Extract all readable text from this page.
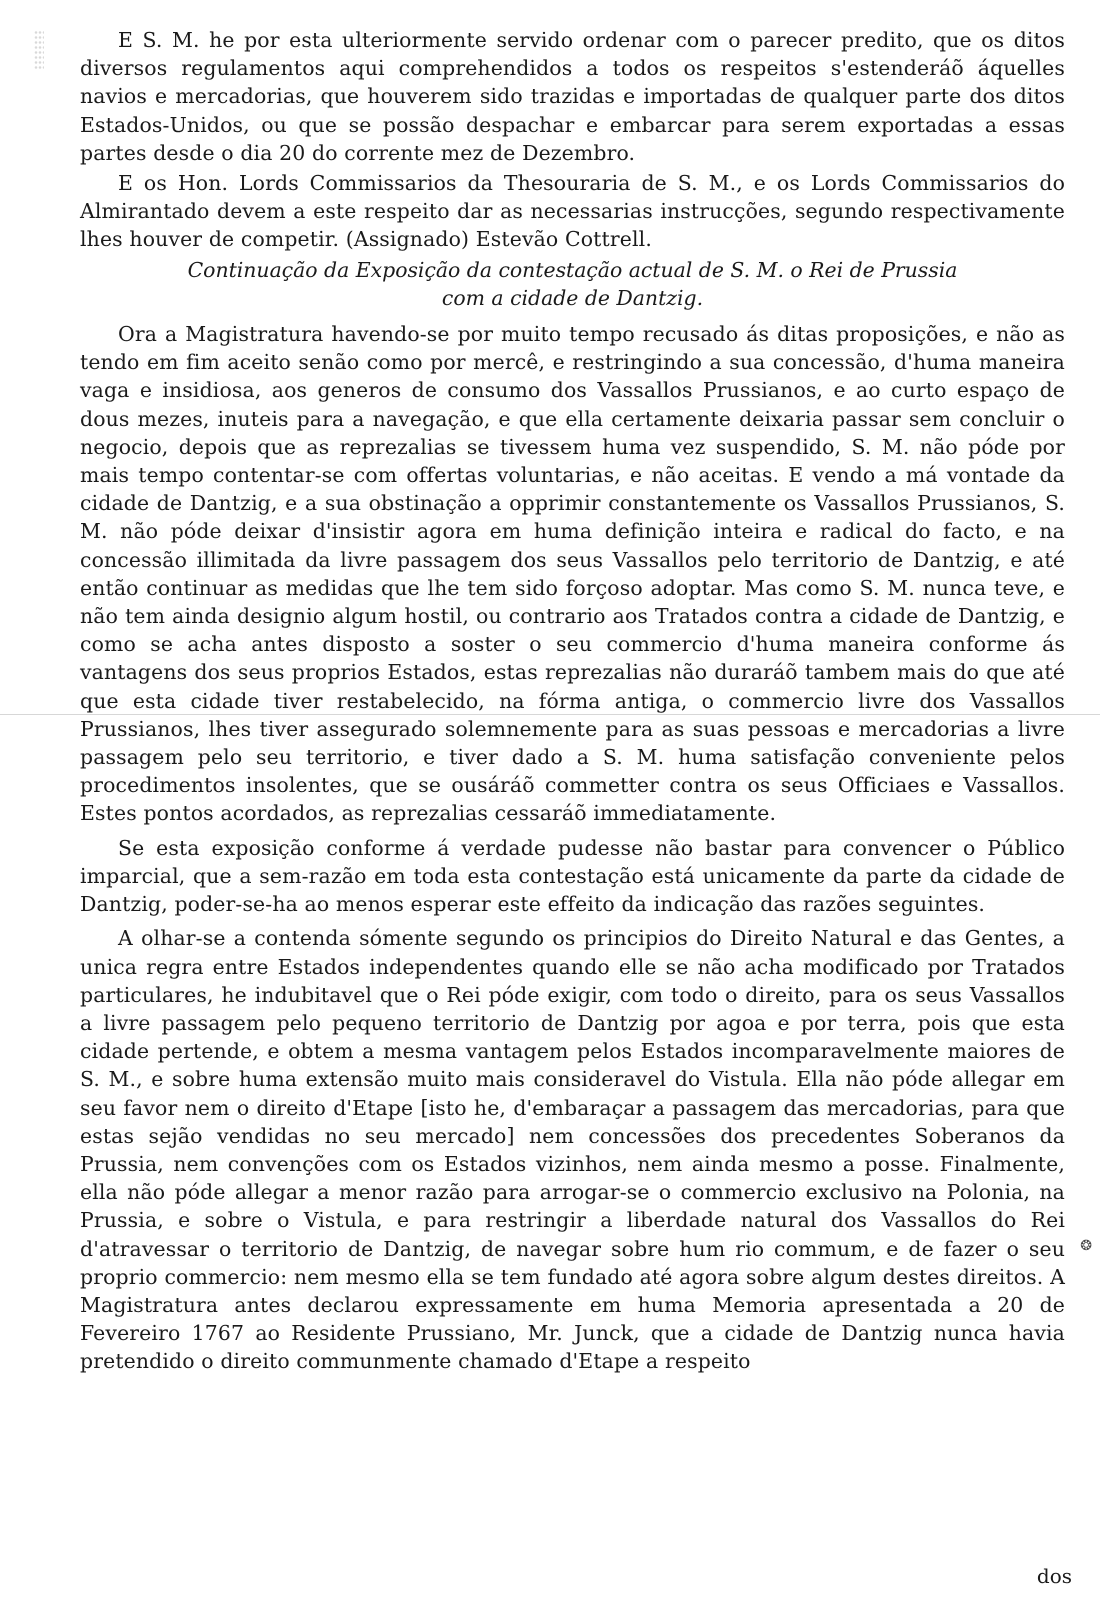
❂

E S. M. he por esta ulteriormente servido ordenar com o parecer predito, que os ditos diversos regulamentos aqui comprehendidos a todos os respeitos s'estenderáõ áquelles navios e mercadorias, que houverem sido trazidas e importadas de qualquer parte dos ditos Estados-Unidos, ou que se possão despachar e embarcar para serem exportadas a essas partes desde o dia 20 do corrente mez de Dezembro.

E os Hon. Lords Commissarios da Thesouraria de S. M., e os Lords Commissarios do Almirantado devem a este respeito dar as necessarias instrucções, segundo respectivamente lhes houver de competir. (Assignado) Estevão Cottrell.

Continuação da Exposição da contestação actual de S. M. o Rei de Prussia

com a cidade de Dantzig.

Ora a Magistratura havendo-se por muito tempo recusado ás ditas proposições, e não as tendo em fim aceito senão como por mercê, e restringindo a sua concessão, d'huma maneira vaga e insidiosa, aos generos de consumo dos Vassallos Prussianos, e ao curto espaço de dous mezes, inuteis para a navegação, e que ella certamente deixaria passar sem concluir o negocio, depois que as reprezalias se tivessem huma vez suspendido, S. M. não póde por mais tempo contentar-se com offertas voluntarias, e não aceitas. E vendo a má vontade da cidade de Dantzig, e a sua obstinação a opprimir constantemente os Vassallos Prussianos, S. M. não póde deixar d'insistir agora em huma definição inteira e radical do facto, e na concessão illimitada da livre passagem dos seus Vassallos pelo territorio de Dantzig, e até então continuar as medidas que lhe tem sido forçoso adoptar. Mas como S. M. nunca teve, e não tem ainda designio algum hostil, ou contrario aos Tratados contra a cidade de Dantzig, e como se acha antes disposto a soster o seu commercio d'huma maneira conforme ás vantagens dos seus proprios Estados, estas reprezalias não duraráõ tambem mais do que até que esta cidade tiver restabelecido, na fórma antiga, o commercio livre dos Vassallos Prussianos, lhes tiver assegurado solemnemente para as suas pessoas e mercadorias a livre passagem pelo seu territorio, e tiver dado a S. M. huma satisfação conveniente pelos procedimentos insolentes, que se ousáráõ commetter contra os seus Officiaes e Vassallos. Estes pontos acordados, as reprezalias cessaráõ immediatamente.

Se esta exposição conforme á verdade pudesse não bastar para convencer o Público imparcial, que a sem-razão em toda esta contestação está unicamente da parte da cidade de Dantzig, poder-se-ha ao menos esperar este effeito da indicação das razões seguintes.

A olhar-se a contenda sómente segundo os principios do Direito Natural e das Gentes, a unica regra entre Estados independentes quando elle se não acha modificado por Tratados particulares, he indubitavel que o Rei póde exigir, com todo o direito, para os seus Vassallos a livre passagem pelo pequeno territorio de Dantzig por agoa e por terra, pois que esta cidade pertende, e obtem a mesma vantagem pelos Estados incomparavelmente maiores de S. M., e sobre huma extensão muito mais consideravel do Vistula. Ella não póde allegar em seu favor nem o direito d'Etape [isto he, d'embaraçar a passagem das mercadorias, para que estas sejão vendidas no seu mercado] nem concessões dos precedentes Soberanos da Prussia, nem convenções com os Estados vizinhos, nem ainda mesmo a posse. Finalmente, ella não póde allegar a menor razão para arrogar-se o commercio exclusivo na Polonia, na Prussia, e sobre o Vistula, e para restringir a liberdade natural dos Vassallos do Rei d'atravessar o territorio de Dantzig, de navegar sobre hum rio commum, e de fazer o seu proprio commercio: nem mesmo ella se tem fundado até agora sobre algum destes direitos. A Magistratura antes declarou expressamente em huma Memoria apresentada a 20 de Fevereiro 1767 ao Residente Prussiano, Mr. Junck, que a cidade de Dantzig nunca havia pretendido o direito communmente chamado d'Etape a respeito

dos
